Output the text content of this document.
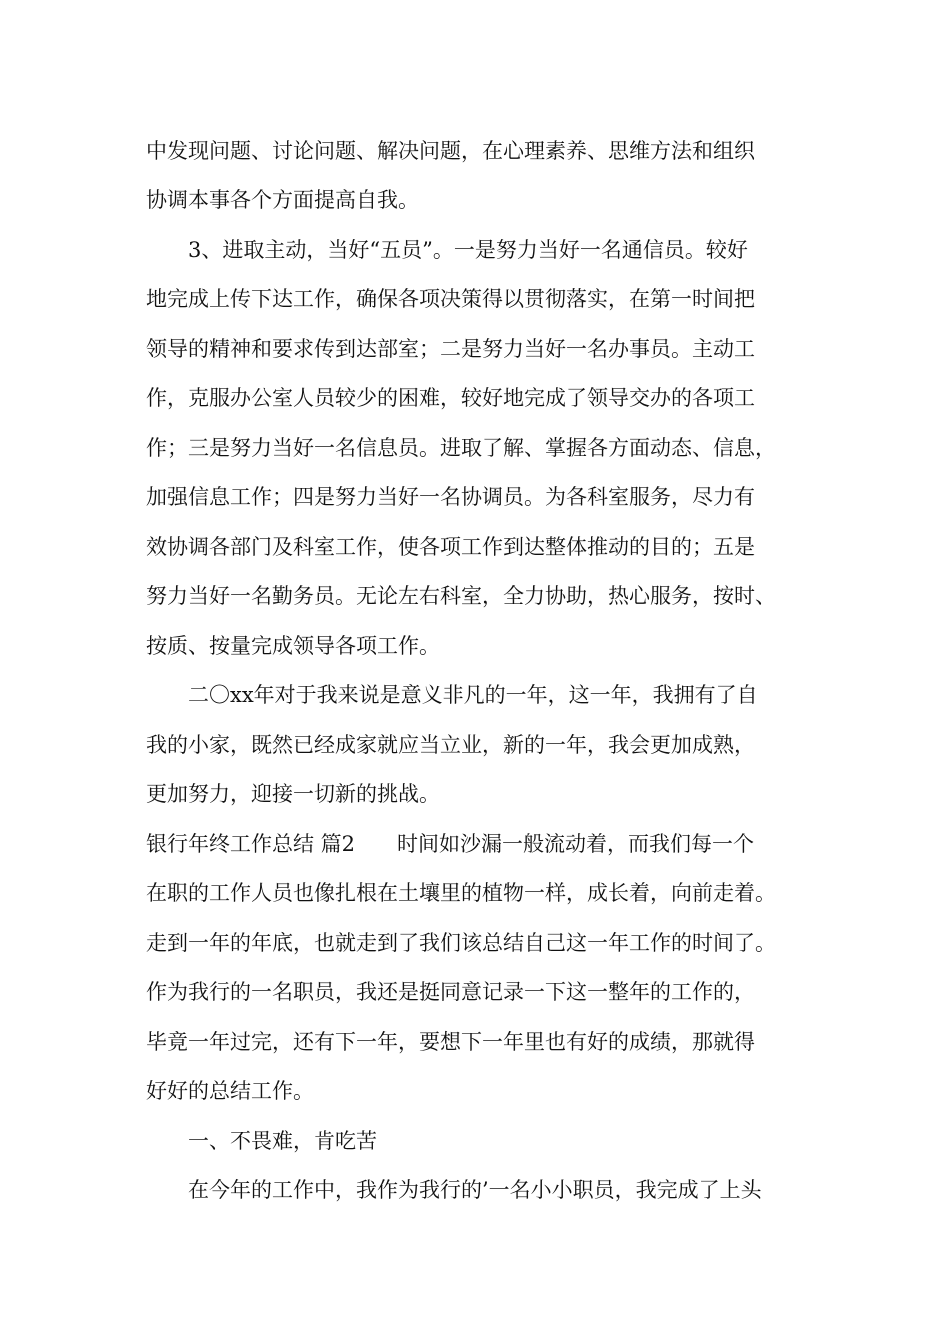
中发现问题、讨论问题、解决问题，在心理素养、思维方法和组织

协调本事各个方面提高自我。

3、进取主动，当好“五员”。一是努力当好一名通信员。较好

地完成上传下达工作，确保各项决策得以贯彻落实，在第一时间把

领导的精神和要求传到达部室；二是努力当好一名办事员。主动工

作，克服办公室人员较少的困难，较好地完成了领导交办的各项工

作；三是努力当好一名信息员。进取了解、掌握各方面动态、信息，

加强信息工作；四是努力当好一名协调员。为各科室服务，尽力有

效协调各部门及科室工作，使各项工作到达整体推动的目的；五是

努力当好一名勤务员。无论左右科室，全力协助，热心服务，按时、

按质、按量完成领导各项工作。

二〇xx年对于我来说是意义非凡的一年，这一年，我拥有了自

我的小家，既然已经成家就应当立业，新的一年，我会更加成熟，

更加努力，迎接一切新的挑战。

银行年终工作总结 篇2　　时间如沙漏一般流动着，而我们每一个

在职的工作人员也像扎根在土壤里的植物一样，成长着，向前走着。

走到一年的年底，也就走到了我们该总结自己这一年工作的时间了。

作为我行的一名职员，我还是挺同意记录一下这一整年的工作的，

毕竟一年过完，还有下一年，要想下一年里也有好的成绩，那就得

好好的总结工作。

一、不畏难，肯吃苦

在今年的工作中，我作为我行的’一名小小职员，我完成了上头
